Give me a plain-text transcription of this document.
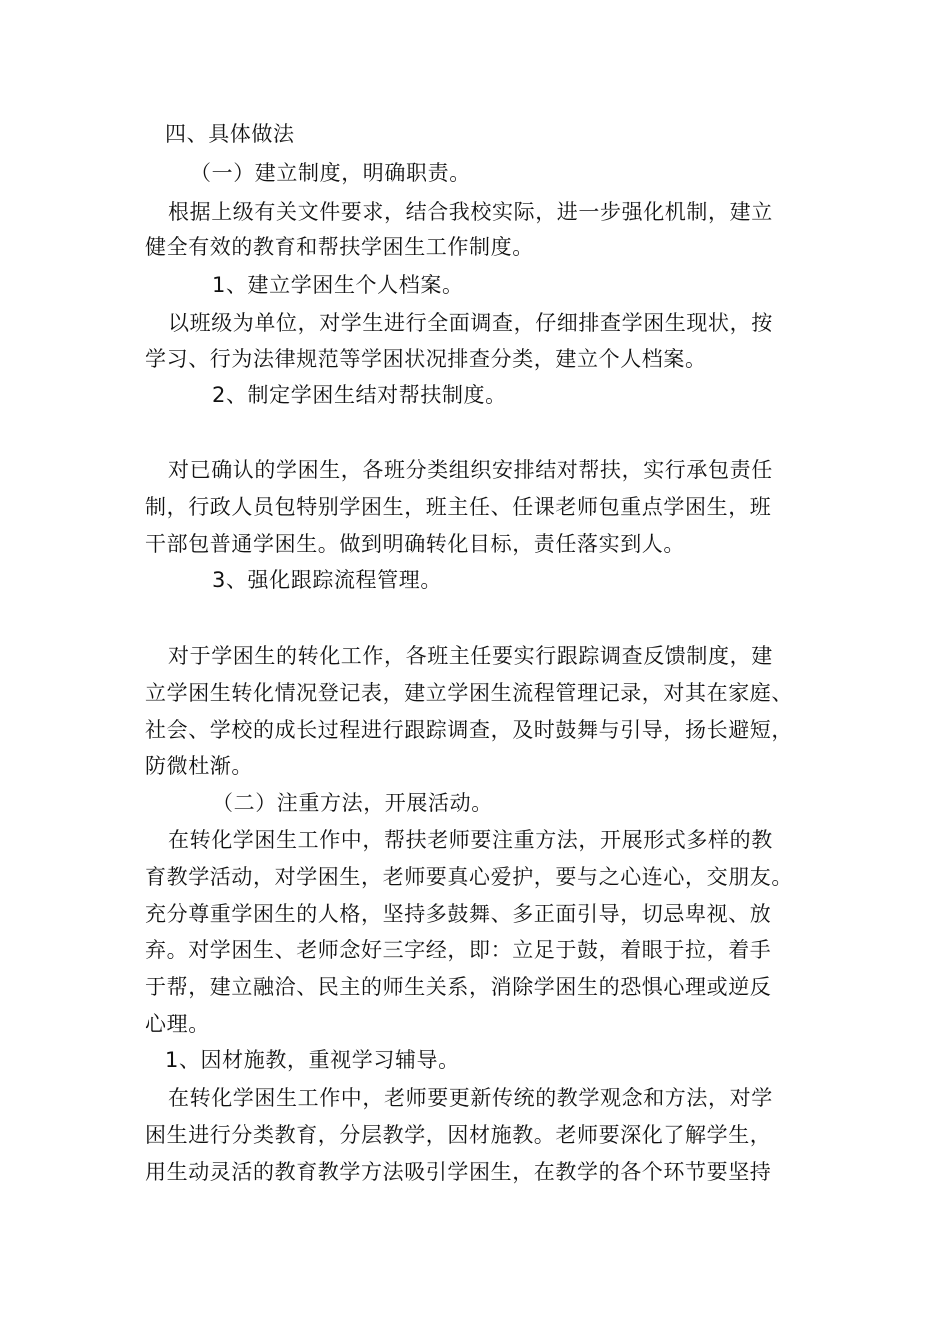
四、具体做法
（一）建立制度，明确职责。
根据上级有关文件要求，结合我校实际，进一步强化机制，建立
健全有效的教育和帮扶学困生工作制度。
1、建立学困生个人档案。
以班级为单位，对学生进行全面调查，仔细排查学困生现状，按
学习、行为法律规范等学困状况排查分类，建立个人档案。
2、制定学困生结对帮扶制度。
对已确认的学困生，各班分类组织安排结对帮扶，实行承包责任
制，行政人员包特别学困生，班主任、任课老师包重点学困生，班
干部包普通学困生。做到明确转化目标，责任落实到人。
3、强化跟踪流程管理。
对于学困生的转化工作，各班主任要实行跟踪调查反馈制度，建
立学困生转化情况登记表，建立学困生流程管理记录，对其在家庭、
社会、学校的成长过程进行跟踪调查，及时鼓舞与引导，扬长避短，
防微杜渐。
（二）注重方法，开展活动。
在转化学困生工作中，帮扶老师要注重方法，开展形式多样的教
育教学活动，对学困生，老师要真心爱护，要与之心连心，交朋友。
充分尊重学困生的人格，坚持多鼓舞、多正面引导，切忌卑视、放
弃。对学困生、老师念好三字经，即：立足于鼓，着眼于拉，着手
于帮，建立融洽、民主的师生关系，消除学困生的恐惧心理或逆反
心理。
1、因材施教，重视学习辅导。
在转化学困生工作中，老师要更新传统的教学观念和方法，对学
困生进行分类教育，分层教学，因材施教。老师要深化了解学生，
用生动灵活的教育教学方法吸引学困生，在教学的各个环节要坚持
